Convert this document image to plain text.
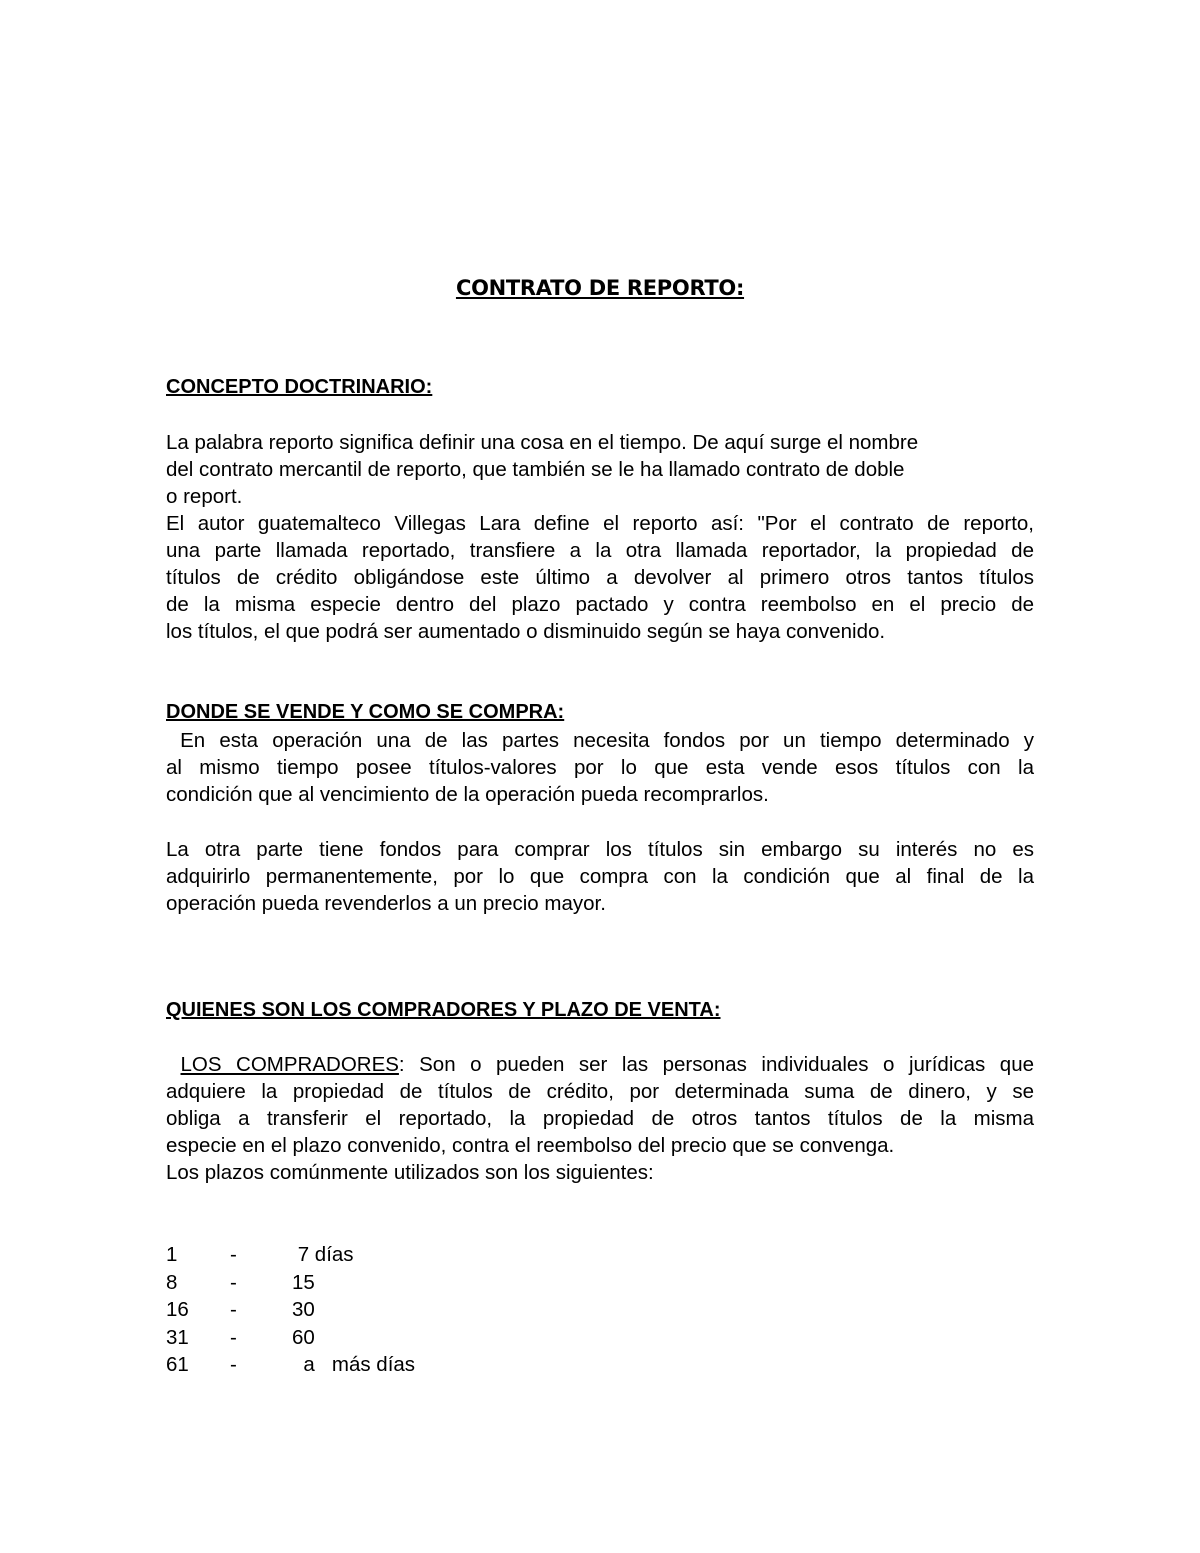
CONTRATO DE REPORTO:
CONCEPTO DOCTRINARIO:
La palabra reporto significa definir una cosa en el tiempo. De aquí surge el nombre
del contrato mercantil de reporto, que también se le ha llamado contrato de doble
o report.
El autor guatemalteco Villegas Lara define el reporto así: "Por el contrato de reporto,
una parte llamada reportado, transfiere a la otra llamada reportador, la propiedad de
títulos de crédito obligándose este último a devolver al primero otros tantos títulos
de la misma especie dentro del plazo pactado y contra reembolso en el precio de
los títulos, el que podrá ser aumentado o disminuido según se haya convenido.
DONDE SE VENDE Y COMO SE COMPRA:
En esta operación una de las partes necesita fondos por un tiempo determinado y
al mismo tiempo posee títulos-valores por lo que esta vende esos títulos con la
condición que al vencimiento de la operación pueda recomprarlos.
La otra parte tiene fondos para comprar los títulos sin embargo su interés no es
adquirirlo permanentemente, por lo que compra con la condición que al final de la
operación pueda revenderlos a un precio mayor.
QUIENES SON LOS COMPRADORES Y PLAZO DE VENTA:
LOS COMPRADORES: Son o pueden ser las personas individuales o jurídicas que
adquiere la propiedad de títulos de crédito, por determinada suma de dinero, y se
obliga a transferir el reportado, la propiedad de otros tantos títulos de la misma
especie en el plazo convenido, contra el reembolso del precio que se convenga.
Los plazos comúnmente utilizados son los siguientes:
1	-	7 días
8	-	15
16 -	30
31 -	60
61 -	a   más días
